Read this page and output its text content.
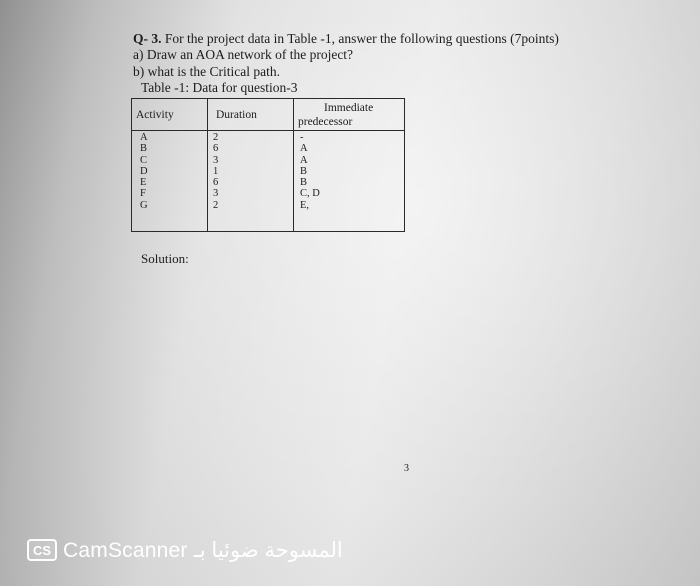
Q- 3. For the project data in Table -1, answer the following questions (7points)
a) Draw an AOA network of the project?
b) what is the Critical path.
Table -1: Data for question-3
Activity	Duration
Immediate
predecessor
A
B
C
D
E
F
G
2
6
3
1
6
3
2
-
A
A
B
B
C, D
E,
Solution:
3
CS CamScanner المسوحة ضوئيا بـ
